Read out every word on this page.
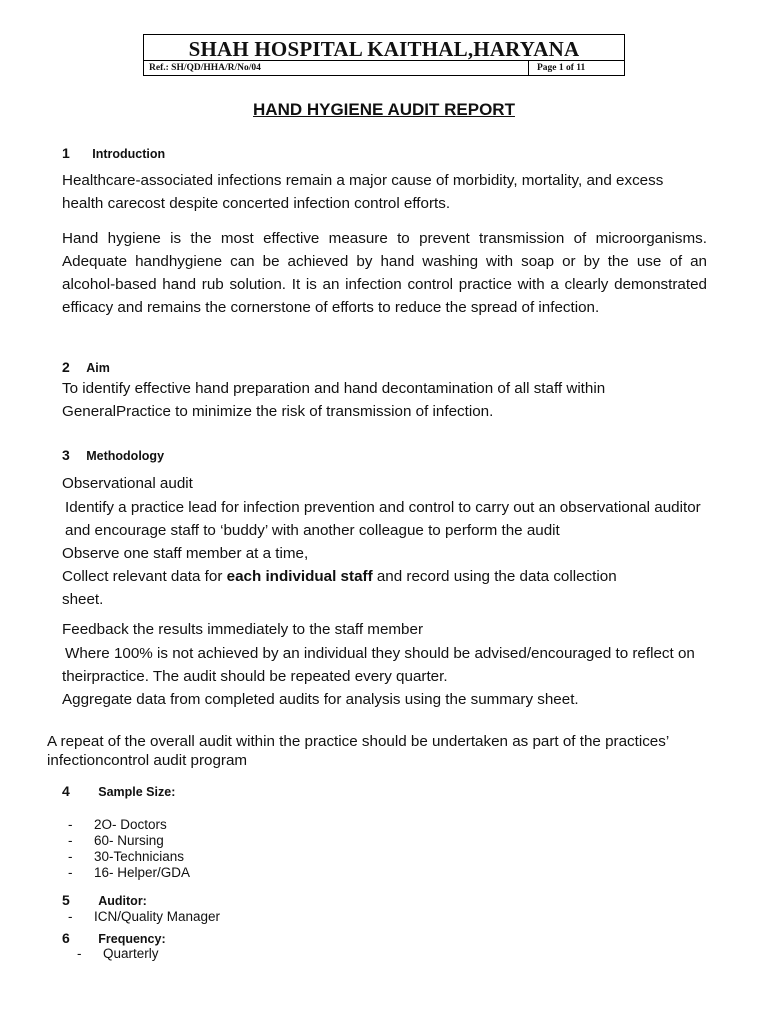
SHAH HOSPITAL KAITHAL,HARYANA
Ref.: SH/QD/HHA/R/No/04	Page 1 of 11
HAND HYGIENE AUDIT REPORT
1 Introduction
Healthcare-associated infections remain a major cause of morbidity, mortality, and excess
health carecost despite concerted infection control efforts.
Hand hygiene is the most effective measure to prevent transmission of microorganisms. Adequate handhygiene can be achieved by hand washing with soap or by the use of an alcohol-based hand rub solution. It is an infection control practice with a clearly demonstrated efficacy and remains the cornerstone of efforts to reduce the spread of infection.
2 Aim
To identify effective hand preparation and hand decontamination of all staff within
GeneralPractice to minimize the risk of transmission of infection.
3 Methodology
Observational audit
Identify a practice lead for infection prevention and control to carry out an observational auditor
and encourage staff to ‘buddy’ with another colleague to perform the audit
Observe one staff member at a time,
Collect relevant data for each individual staff and record using the data collection
sheet.
Feedback the results immediately to the staff member
Where 100% is not achieved by an individual they should be advised/encouraged to reflect on
theirpractice. The audit should be repeated every quarter.
Aggregate data from completed audits for analysis using the summary sheet.
A repeat of the overall audit within the practice should be undertaken as part of the practices’
infectioncontrol audit program
4 Sample Size:
- 2O- Doctors
- 60- Nursing
- 30-Technicians
- 16- Helper/GDA
5 Auditor:
- ICN/Quality Manager
6 Frequency:
- Quarterly
